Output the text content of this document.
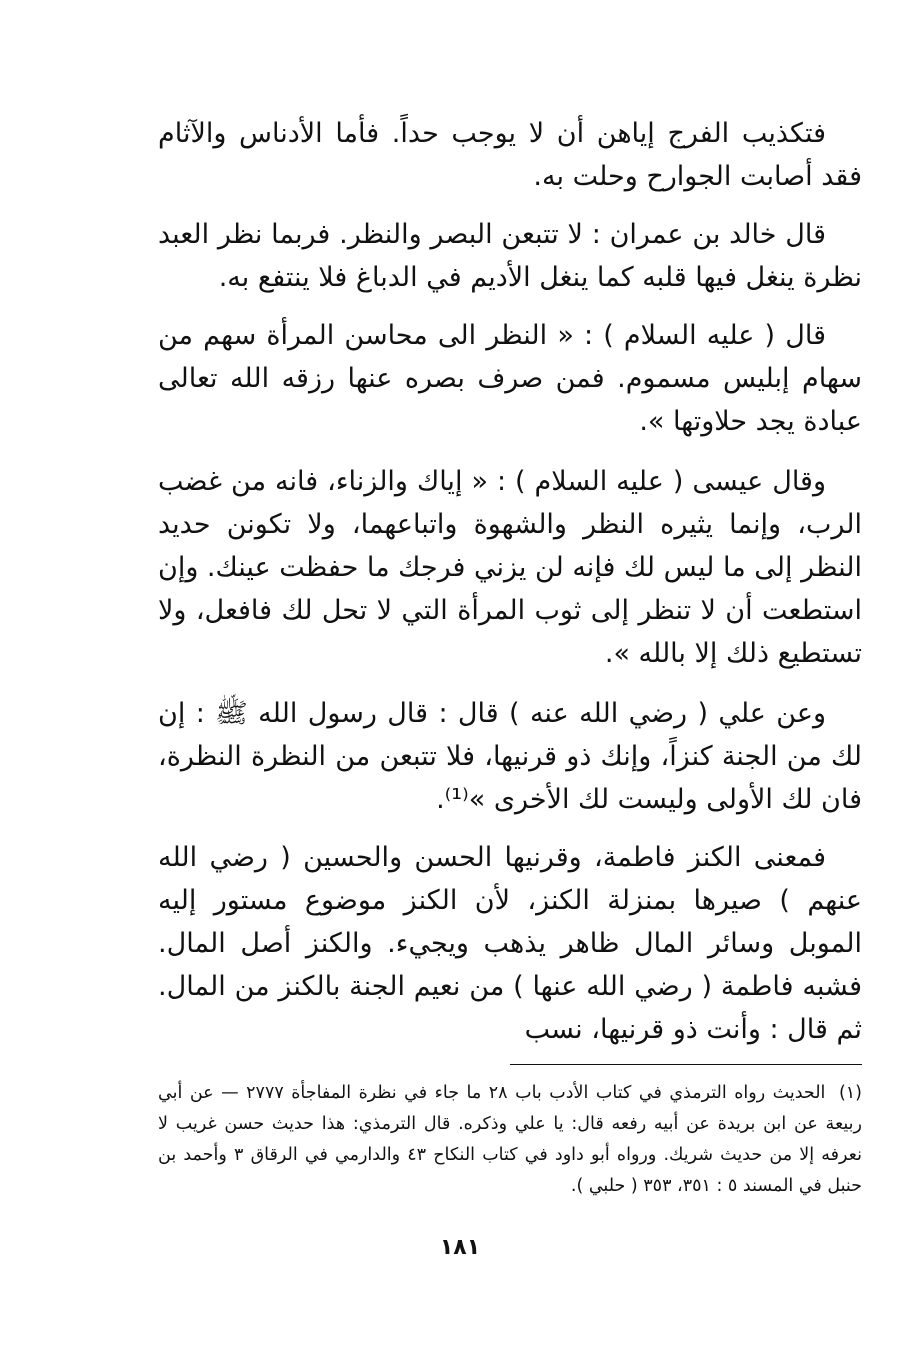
فتكذيب الفرج إياهن أن لا يوجب حداً. فأما الأدناس والآثام فقد أصابت الجوارح وحلت به.

قال خالد بن عمران : لا تتبعن البصر والنظر. فربما نظر العبد نظرة ينغل فيها قلبه كما ينغل الأديم في الدباغ فلا ينتفع به.

قال ( عليه السلام ) : « النظر الى محاسن المرأة سهم من سهام إبليس مسموم. فمن صرف بصره عنها رزقه الله تعالى عبادة يجد حلاوتها ».

وقال عيسى ( عليه السلام ) : « إياك والزناء، فانه من غضب الرب، وإنما يثيره النظر والشهوة واتباعهما، ولا تكونن حديد النظر إلى ما ليس لك فإنه لن يزني فرجك ما حفظت عينك. وإن استطعت أن لا تنظر إلى ثوب المرأة التي لا تحل لك فافعل، ولا تستطيع ذلك إلا بالله ».

وعن علي ( رضي الله عنه ) قال : قال رسول الله ﷺ : إن لك من الجنة كنزاً، وإنك ذو قرنيها، فلا تتبعن من النظرة النظرة، فان لك الأولى وليست لك الأخرى »⁽¹⁾.

فمعنى الكنز فاطمة، وقرنيها الحسن والحسين ( رضي الله عنهم ) صيرها بمنزلة الكنز، لأن الكنز موضوع مستور إليه الموبل وسائر المال ظاهر يذهب ويجيء. والكنز أصل المال. فشبه فاطمة ( رضي الله عنها ) من نعيم الجنة بالكنز من المال. ثم قال : وأنت ذو قرنيها، نسب

(١) الحديث رواه الترمذي في كتاب الأدب باب ٢٨ ما جاء في نظرة المفاجأة ٢٧٧٧ — عن أبي ربيعة عن ابن بريدة عن أبيه رفعه قال: يا علي وذكره. قال الترمذي: هذا حديث حسن غريب لا نعرفه إلا من حديث شريك. ورواه أبو داود في كتاب النكاح ٤٣ والدارمي في الرقاق ٣ وأحمد بن حنبل في المسند ٥ : ٣٥١، ٣٥٣ ( حلبي ).
١٨١
